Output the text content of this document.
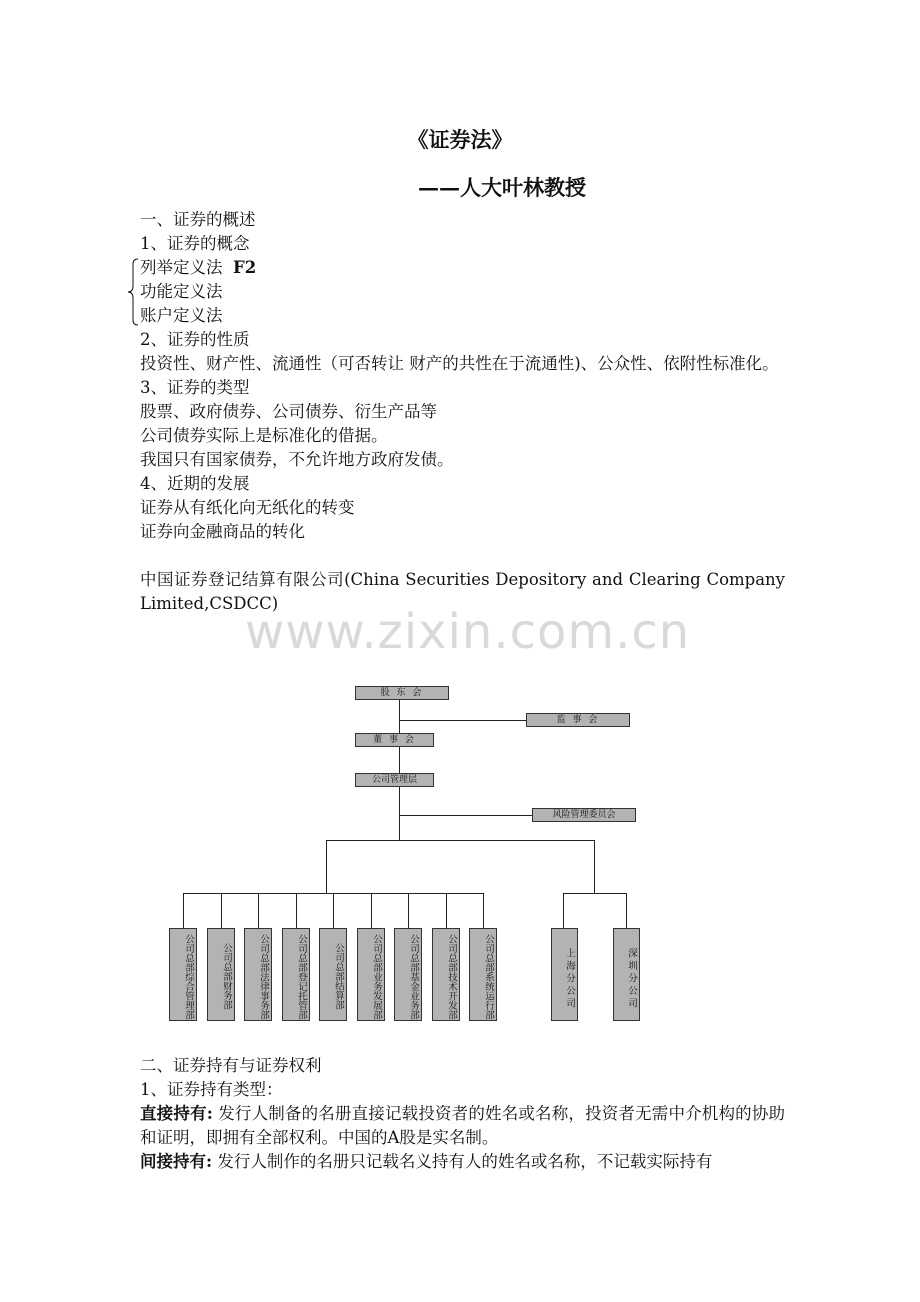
《证券法》
——人大叶林教授
一、证券的概述
1、证券的概念
列举定义法 F2
功能定义法
账户定义法
2、证券的性质
投资性、财产性、流通性（可否转让 财产的共性在于流通性)、公众性、依附性标准化。
3、证券的类型
股票、政府债券、公司债券、衍生产品等
公司债券实际上是标准化的借据。
我国只有国家债券，不允许地方政府发债。
4、近期的发展
证券从有纸化向无纸化的转变
证券向金融商品的转化
中国证券登记结算有限公司(China Securities Depository and Clearing Company Limited,CSDCC)
www.zixin.com.cn
股 东 会
监 事 会
董 事 会
公司管理层
风险管理委员会
公司总部综合管理部	公司总部财务部	公司总部法律事务部	公司总部登记托管部	公司总部结算部	公司总部业务发展部	公司总部基金业务部	公司总部技术开发部	公司总部系统运行部	上海分公司	深圳分公司
二、证券持有与证券权利
1、证券持有类型：
直接持有: 发行人制备的名册直接记载投资者的姓名或名称，投资者无需中介机构的协助和证明，即拥有全部权利。中国的A股是实名制。
间接持有: 发行人制作的名册只记载名义持有人的姓名或名称，不记载实际持有
